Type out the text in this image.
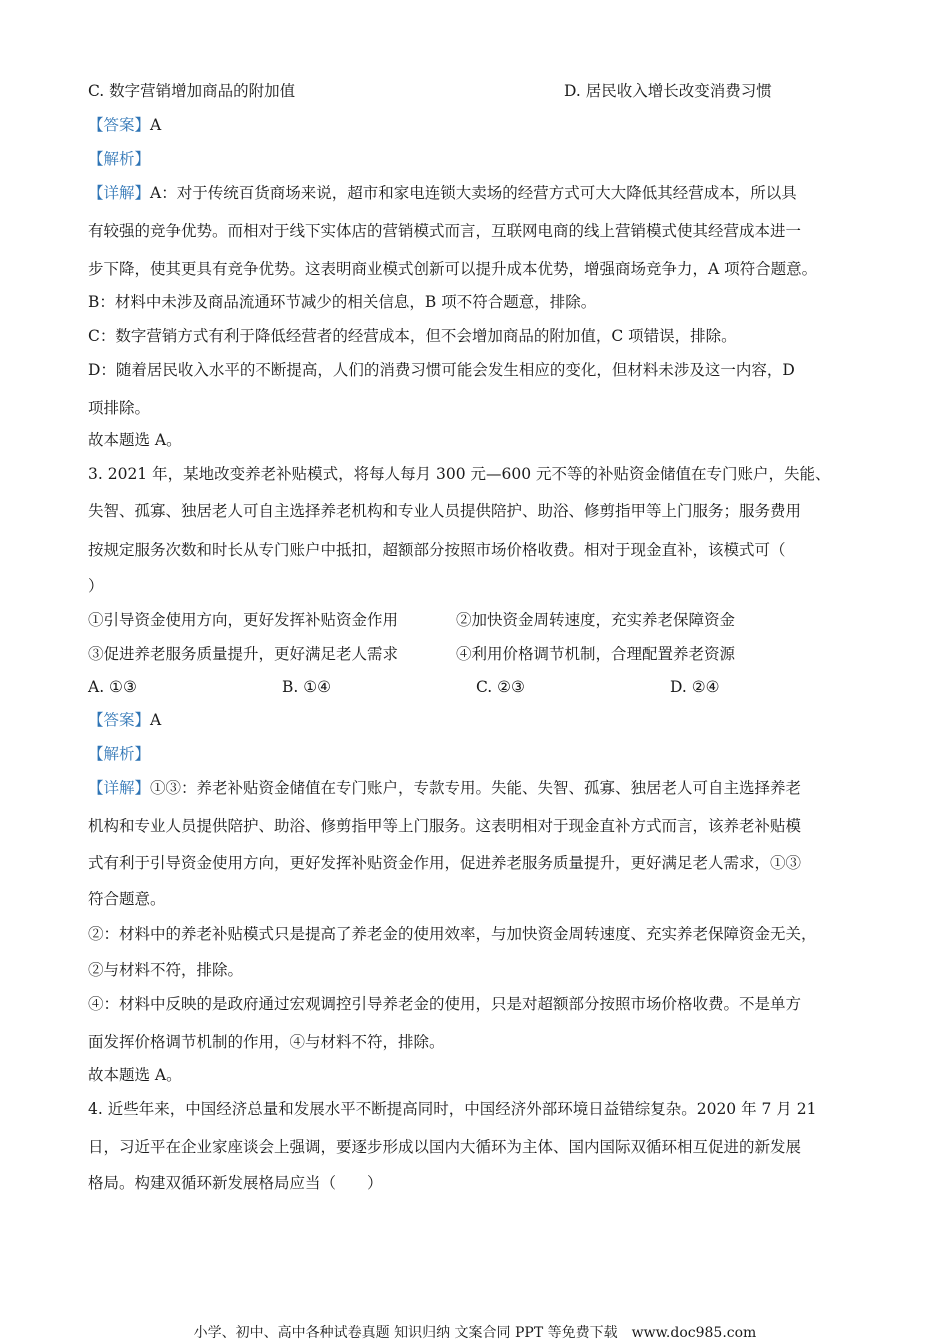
C. 数字营销增加商品的附加值	D. 居民收入增长改变消费习惯
【答案】A
【解析】
【详解】A：对于传统百货商场来说，超市和家电连锁大卖场的经营方式可大大降低其经营成本，所以具
有较强的竞争优势。而相对于线下实体店的营销模式而言，互联网电商的线上营销模式使其经营成本进一
步下降，使其更具有竞争优势。这表明商业模式创新可以提升成本优势，增强商场竞争力，A 项符合题意。
B：材料中未涉及商品流通环节减少的相关信息，B 项不符合题意，排除。
C：数字营销方式有利于降低经营者的经营成本，但不会增加商品的附加值，C 项错误，排除。
D：随着居民收入水平的不断提高，人们的消费习惯可能会发生相应的变化，但材料未涉及这一内容，D
项排除。
故本题选 A。
3. 2021 年，某地改变养老补贴模式，将每人每月 300 元—600 元不等的补贴资金储值在专门账户，失能、
失智、孤寡、独居老人可自主选择养老机构和专业人员提供陪护、助浴、修剪指甲等上门服务；服务费用
按规定服务次数和时长从专门账户中抵扣，超额部分按照市场价格收费。相对于现金直补，该模式可（
）
①引导资金使用方向，更好发挥补贴资金作用	②加快资金周转速度，充实养老保障资金
③促进养老服务质量提升，更好满足老人需求	④利用价格调节机制，合理配置养老资源
A. ①③	B. ①④	C. ②③	D. ②④
【答案】A
【解析】
【详解】①③：养老补贴资金储值在专门账户，专款专用。失能、失智、孤寡、独居老人可自主选择养老
机构和专业人员提供陪护、助浴、修剪指甲等上门服务。这表明相对于现金直补方式而言，该养老补贴模
式有利于引导资金使用方向，更好发挥补贴资金作用，促进养老服务质量提升，更好满足老人需求，①③
符合题意。
②：材料中的养老补贴模式只是提高了养老金的使用效率，与加快资金周转速度、充实养老保障资金无关，
②与材料不符，排除。
④：材料中反映的是政府通过宏观调控引导养老金的使用，只是对超额部分按照市场价格收费。不是单方
面发挥价格调节机制的作用，④与材料不符，排除。
故本题选 A。
4. 近些年来，中国经济总量和发展水平不断提高同时，中国经济外部环境日益错综复杂。2020 年 7 月 21
日，习近平在企业家座谈会上强调，要逐步形成以国内大循环为主体、国内国际双循环相互促进的新发展
格局。构建双循环新发展格局应当（　　）
小学、初中、高中各种试卷真题 知识归纳 文案合同 PPT 等免费下载　www.doc985.com
